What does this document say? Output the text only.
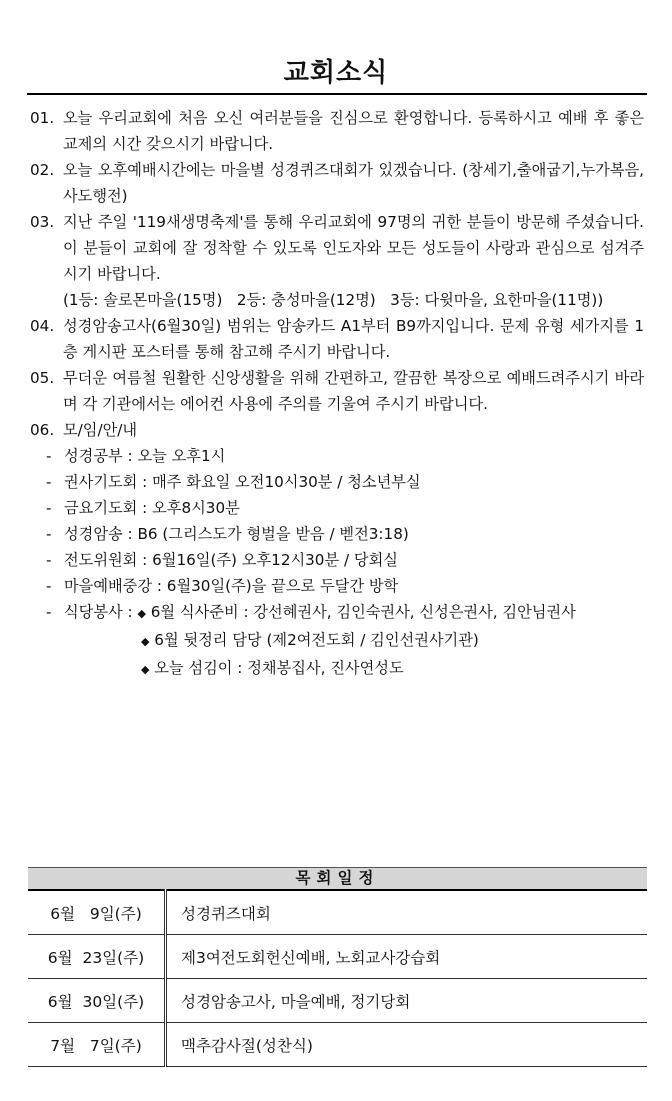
교회소식
01. 오늘 우리교회에 처음 오신 여러분들을 진심으로 환영합니다. 등록하시고 예배 후 좋은교제의 시간 갖으시기 바랍니다.
02. 오늘 오후예배시간에는 마을별 성경퀴즈대회가 있겠습니다. (창세기,출애굽기,누가복음,사도행전)
03. 지난 주일 '119새생명축제'를 통해 우리교회에 97명의 귀한 분들이 방문해 주셨습니다. 이 분들이 교회에 잘 정착할 수 있도록 인도자와 모든 성도들이 사랑과 관심으로 섬겨주시기 바랍니다.
(1등: 솔로몬마을(15명)   2등: 충성마을(12명)   3등: 다윗마을, 요한마을(11명))
04. 성경암송고사(6월30일) 범위는 암송카드 A1부터 B9까지입니다. 문제 유형 세가지를 1층 게시판 포스터를 통해 참고해 주시기 바랍니다.
05. 무더운 여름철 원활한 신앙생활을 위해 간편하고, 깔끔한 복장으로 예배드려주시기 바라며 각 기관에서는 에어컨 사용에 주의를 기울여 주시기 바랍니다.
06. 모/임/안/내
- 성경공부 : 오늘 오후1시
- 권사기도회 : 매주 화요일 오전10시30분 / 청소년부실
- 금요기도회 : 오후8시30분
- 성경암송 : B6 (그리스도가 형벌을 받음 / 벧전3:18)
- 전도위원회 : 6월16일(주) 오후12시30분 / 당회실
- 마을예배중강 : 6월30일(주)을 끝으로 두달간 방학
- 식당봉사 : ◆ 6월 식사준비 : 강선혜권사, 김인숙권사, 신성은권사, 김안님권사
◆ 6월 뒷정리 담당 (제2여전도회 / 김인선권사기관)
◆ 오늘 섬김이 : 정채봉집사, 진사연성도
목회일정
6월   9일(주)	성경퀴즈대회
6월  23일(주)	제3여전도회헌신예배, 노회교사강습회
6월  30일(주)	성경암송고사, 마을예배, 정기당회
7월   7일(주)	맥추감사절(성찬식)
